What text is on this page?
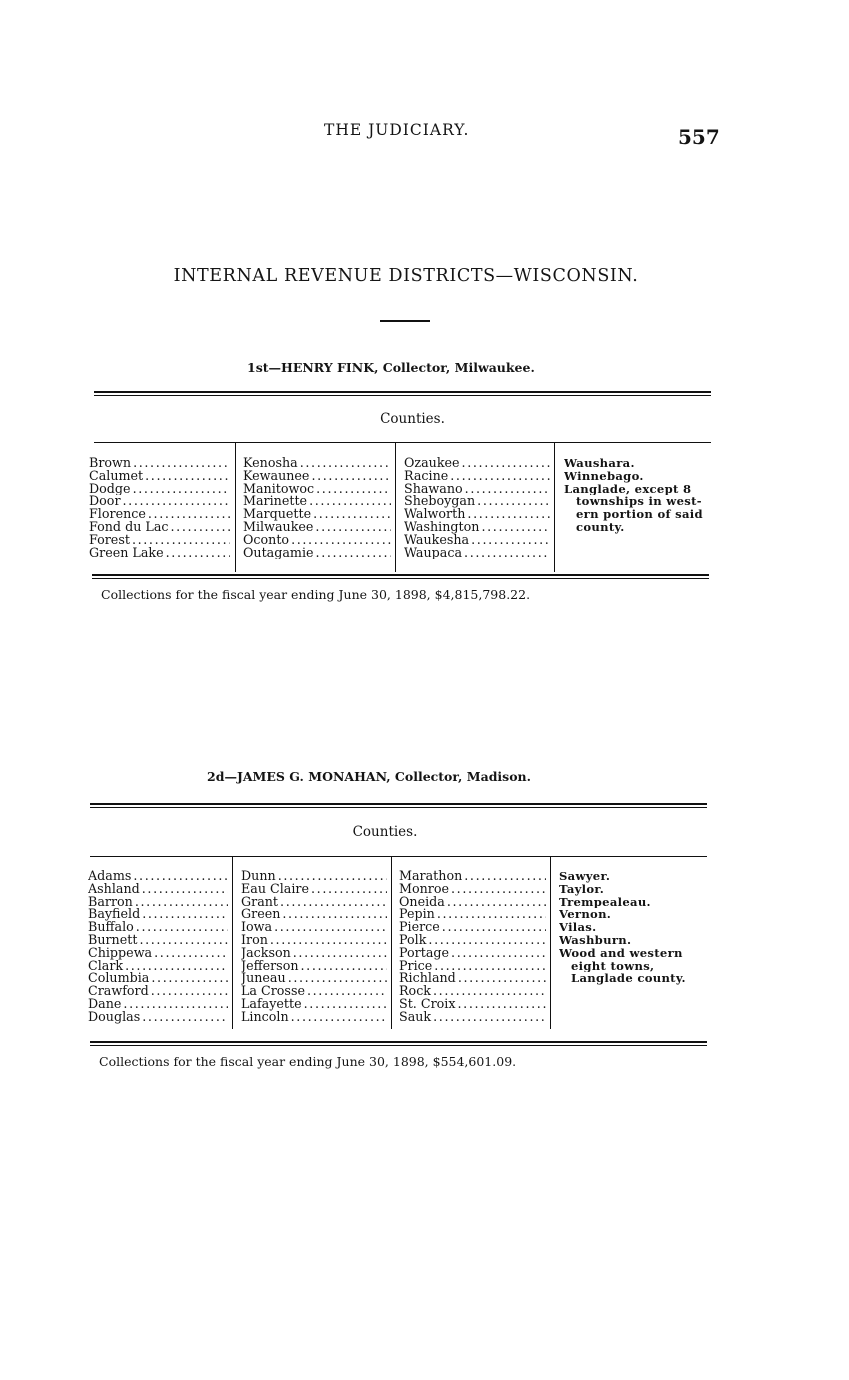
THE JUDICIARY.	557
INTERNAL REVENUE DISTRICTS—WISCONSIN.
1st—HENRY FINK, Collector, Milwaukee.
Counties.
Brown
. . .
Calumet
. . .
Dodge
. . .
Door
. . .
Florence
. . .
Fond du Lac
. . .
Forest
. . .
Green Lake
. . .
Kenosha
. . .
Kewaunee
. . .
Manitowoc
. . .
Marinette
. . .
Marquette
. . .
Milwaukee
. . .
Oconto
. . .
Outagamie
. . .
Ozaukee
. . .
Racine
. . .
Shawano
. . .
Sheboygan
. . .
Walworth
. . .
Washington
. . .
Waukesha
. . .
Waupaca
. . .
Waushara.
Winnebago.
Langlade, except 8
townships in west-
ern portion of said
county.
Collections for the fiscal year ending June 30, 1898, $4,815,798.22.
2d—JAMES G. MONAHAN, Collector, Madison.
Counties.
Adams
. . .
Ashland
. . .
Barron
. . .
Bayfield
. . .
Buffalo
. . .
Burnett
. . .
Chippewa
. . .
Clark
. . .
Columbia
. . .
Crawford
. . .
Dane
. . .
Douglas
. . .
Dunn
. . .
Eau Claire
. . .
Grant
. . .
Green
. . .
Iowa
. . .
Iron
. . .
Jackson
. . .
Jefferson
. . .
Juneau
. . .
La Crosse
. . .
Lafayette
. . .
Lincoln
. . .
Marathon
. . .
Monroe
. . .
Oneida
. . .
Pepin
. . .
Pierce
. . .
Polk
. . .
Portage
. . .
Price
. . .
Richland
. . .
Rock
. . .
St. Croix
. . .
Sauk
. . .
Sawyer.
Taylor.
Trempealeau.
Vernon.
Vilas.
Washburn.
Wood and western
eight towns,
Langlade county.
Collections for the fiscal year ending June 30, 1898, $554,601.09.
